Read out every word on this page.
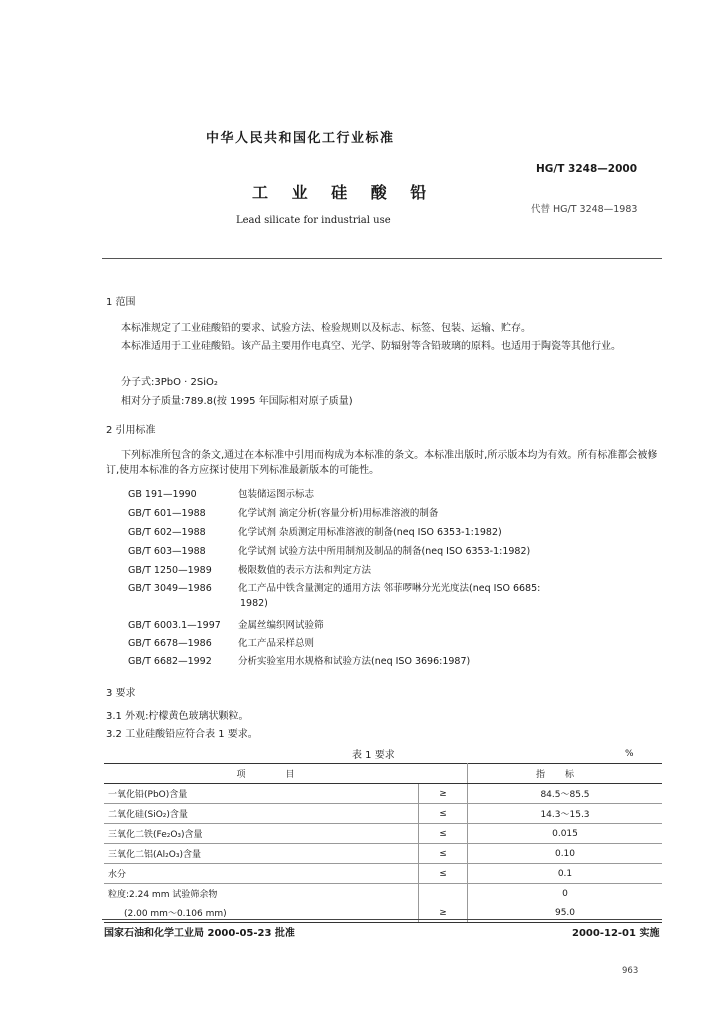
中华人民共和国化工行业标准
HG/T 3248—2000
工 业 硅 酸 铅
代替 HG/T 3248—1983
Lead silicate for industrial use
1 范围
本标准规定了工业硅酸铅的要求、试验方法、检验规则以及标志、标签、包装、运输、贮存。
本标准适用于工业硅酸铅。该产品主要用作电真空、光学、防辐射等含铅玻璃的原料。也适用于陶瓷等其他行业。
分子式:3PbO · 2SiO₂
相对分子质量:789.8(按 1995 年国际相对原子质量)
2 引用标准
下列标准所包含的条文,通过在本标准中引用而构成为本标准的条文。本标准出版时,所示版本均为有效。所有标准都会被修订,使用本标准的各方应探讨使用下列标准最新版本的可能性。
GB 191—1990	包装储运图示标志
GB/T 601—1988	化学试剂 滴定分析(容量分析)用标准溶液的制备
GB/T 602—1988	化学试剂 杂质测定用标准溶液的制备(neq ISO 6353-1:1982)
GB/T 603—1988	化学试剂 试验方法中所用制剂及制品的制备(neq ISO 6353-1:1982)
GB/T 1250—1989	极限数值的表示方法和判定方法
GB/T 3049—1986	化工产品中铁含量测定的通用方法 邻菲啰啉分光光度法(neq ISO 6685:
1982)
GB/T 6003.1—1997 金属丝编织网试验筛
GB/T 6678—1986	化工产品采样总则
GB/T 6682—1992	分析实验室用水规格和试验方法(neq ISO 3696:1987)
3 要求
3.1 外观:柠檬黄色玻璃状颗粒。
3.2 工业硅酸铅应符合表 1 要求。
表 1 要求	%
项目		指标
一氧化铅(PbO)含量	≥	84.5～85.5
二氧化硅(SiO₂)含量	≤	14.3～15.3
三氧化二铁(Fe₂O₃)含量	≤	0.015
三氧化二铝(Al₂O₃)含量	≤	0.10
水分	≤	0.1
粒度:2.24 mm 试验筛余物		0
(2.00 mm～0.106 mm)	≥	95.0
国家石油和化学工业局 2000-05-23 批准	2000-12-01 实施
963
